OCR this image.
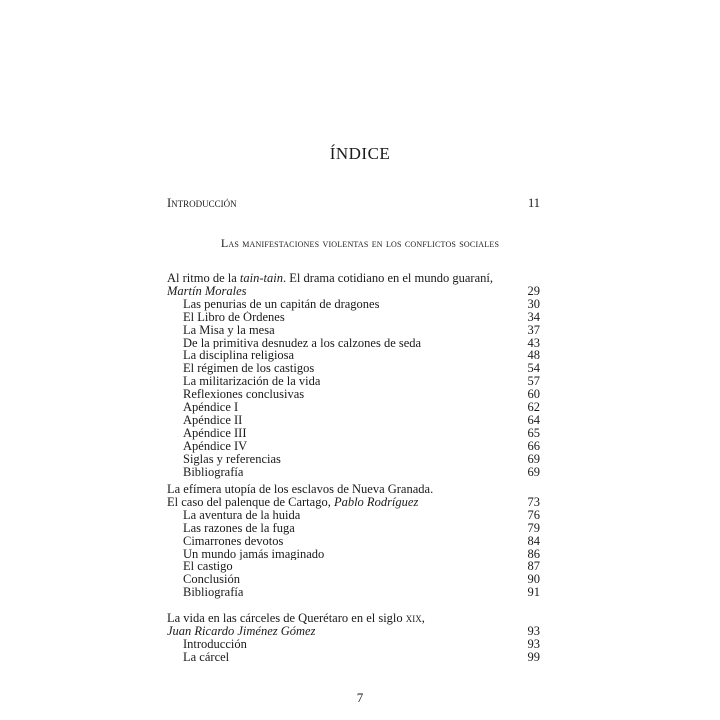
ÍNDICE
Introducción	11
Las manifestaciones violentas en los conflictos sociales
Al ritmo de la tain-tain. El drama cotidiano en el mundo guaraní,
Martín Morales	29
Las penurias de un capitán de dragones	30
El Libro de Órdenes	34
La Misa y la mesa	37
De la primitiva desnudez a los calzones de seda	43
La disciplina religiosa	48
El régimen de los castigos	54
La militarización de la vida	57
Reflexiones conclusivas	60
Apéndice I	62
Apéndice II	64
Apéndice III	65
Apéndice IV	66
Siglas y referencias	69
Bibliografía	69
La efímera utopía de los esclavos de Nueva Granada.
El caso del palenque de Cartago, Pablo Rodríguez	73
La aventura de la huida	76
Las razones de la fuga	79
Cimarrones devotos	84
Un mundo jamás imaginado	86
El castigo	87
Conclusión	90
Bibliografía	91
La vida en las cárceles de Querétaro en el siglo xix,
Juan Ricardo Jiménez Gómez	93
Introducción	93
La cárcel	99
7
